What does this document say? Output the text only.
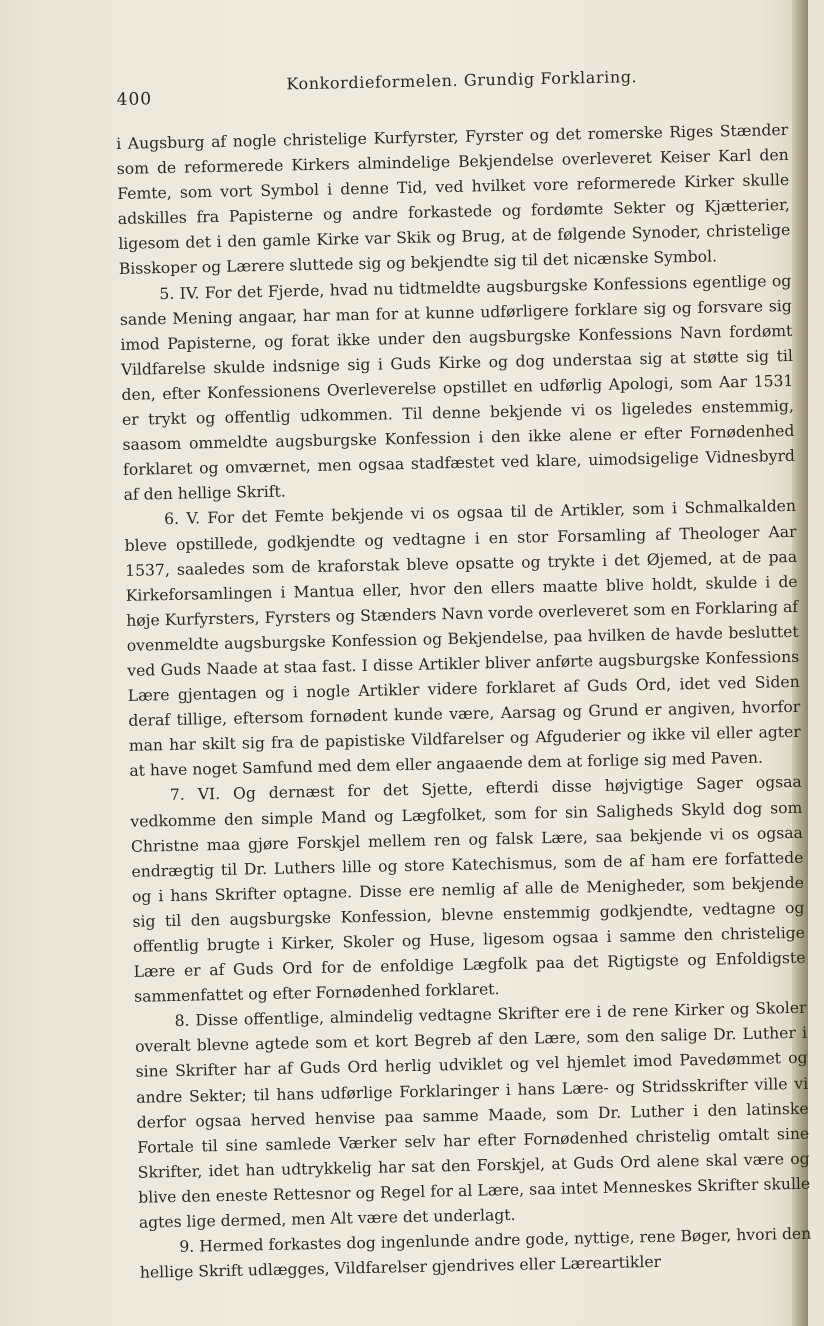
400
Konkordieformelen. Grundig Forklaring.

i Augsburg af nogle christelige Kurfyrster, Fyrster og det romerske Riges Stænder som de reformerede Kirkers almindelige Bekjendelse overleveret Keiser Karl den Femte, som vort Symbol i denne Tid, ved hvilket vore reformerede Kirker skulle adskilles fra Papisterne og andre forkastede og fordømte Sekter og Kjætterier, ligesom det i den gamle Kirke var Skik og Brug, at de følgende Synoder, christelige Bisskoper og Lærere sluttede sig og bekjendte sig til det nicænske Symbol.

5. IV. For det Fjerde, hvad nu tidtmeldte augsburgske Konfessions egentlige og sande Mening angaar, har man for at kunne udførligere forklare sig og forsvare sig imod Papisterne, og forat ikke under den augsburgske Konfessions Navn fordømt Vildfarelse skulde indsnige sig i Guds Kirke og dog understaa sig at støtte sig til den, efter Konfessionens Overleverelse opstillet en udførlig Apologi, som Aar 1531 er trykt og offentlig udkommen. Til denne bekjende vi os ligeledes enstemmig, saasom ommeldte augsburgske Konfession i den ikke alene er efter Fornødenhed forklaret og omværnet, men ogsaa stadfæstet ved klare, uimodsigelige Vidnesbyrd af den hellige Skrift.

6. V. For det Femte bekjende vi os ogsaa til de Artikler, som i Schmalkalden bleve opstillede, godkjendte og vedtagne i en stor Forsamling af Theologer Aar 1537, saaledes som de kraforstak bleve opsatte og trykte i det Øjemed, at de paa Kirkeforsamlingen i Mantua eller, hvor den ellers maatte blive holdt, skulde i de høje Kurfyrsters, Fyrsters og Stænders Navn vorde overleveret som en Forklaring af ovenmeldte augsburgske Konfession og Bekjendelse, paa hvilken de havde besluttet ved Guds Naade at staa fast. I disse Artikler bliver anførte augsburgske Konfessions Lære gjentagen og i nogle Artikler videre forklaret af Guds Ord, idet ved Siden deraf tillige, eftersom fornødent kunde være, Aarsag og Grund er angiven, hvorfor man har skilt sig fra de papistiske Vildfarelser og Afguderier og ikke vil eller agter at have noget Samfund med dem eller angaaende dem at forlige sig med Paven.

7. VI. Og dernæst for det Sjette, efterdi disse højvigtige Sager ogsaa vedkomme den simple Mand og Lægfolket, som for sin Saligheds Skyld dog som Christne maa gjøre Forskjel mellem ren og falsk Lære, saa bekjende vi os ogsaa endrægtig til Dr. Luthers lille og store Katechismus, som de af ham ere forfattede og i hans Skrifter optagne. Disse ere nemlig af alle de Menigheder, som bekjende sig til den augsburgske Konfession, blevne enstemmig godkjendte, vedtagne og offentlig brugte i Kirker, Skoler og Huse, ligesom ogsaa i samme den christelige Lære er af Guds Ord for de enfoldige Lægfolk paa det Rigtigste og Enfoldigste sammenfattet og efter Fornødenhed forklaret.

8. Disse offentlige, almindelig vedtagne Skrifter ere i de rene Kirker og Skoler overalt blevne agtede som et kort Begreb af den Lære, som den salige Dr. Luther i sine Skrifter har af Guds Ord herlig udviklet og vel hjemlet imod Pavedømmet og andre Sekter; til hans udførlige Forklaringer i hans Lære- og Stridsskrifter ville vi derfor ogsaa herved henvise paa samme Maade, som Dr. Luther i den latinske Fortale til sine samlede Værker selv har efter Fornødenhed christelig omtalt sine Skrifter, idet han udtrykkelig har sat den Forskjel, at Guds Ord alene skal være og blive den eneste Rettesnor og Regel for al Lære, saa intet Menneskes Skrifter skulle agtes lige dermed, men Alt være det underlagt.

9. Hermed forkastes dog ingenlunde andre gode, nyttige, rene Bøger, hvori den hellige Skrift udlægges, Vildfarelser gjendrives eller Læreartikler
